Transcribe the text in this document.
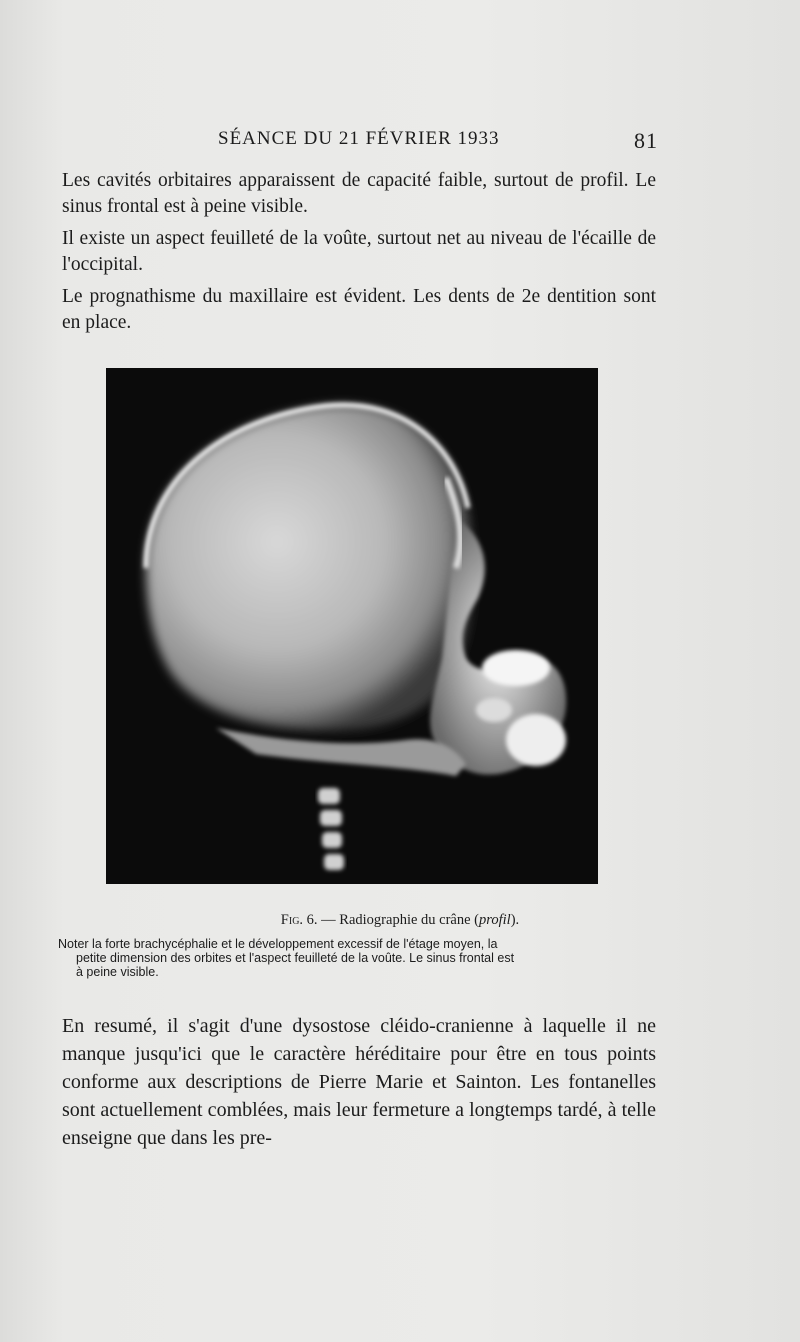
SÉANCE DU 21 FÉVRIER 1933	81

Les cavités orbitaires apparaissent de capacité faible, surtout de profil. Le sinus frontal est à peine visible.

Il existe un aspect feuilleté de la voûte, surtout net au niveau de l'écaille de l'occipital.

Le prognathisme du maxillaire est évident. Les dents de 2e dentition sont en place.

Fig. 6. — Radiographie du crâne (profil).

Noter la forte brachycéphalie et le développement excessif de l'étage moyen, la
petite dimension des orbites et l'aspect feuilleté de la voûte. Le sinus frontal est
à peine visible.

En resumé, il s'agit d'une dysostose cléido-cranienne à laquelle il ne manque jusqu'ici que le caractère héréditaire pour être en tous points conforme aux descriptions de Pierre Marie et Sainton. Les fontanelles sont actuellement comblées, mais leur fermeture a longtemps tardé, à telle enseigne que dans les pre-
